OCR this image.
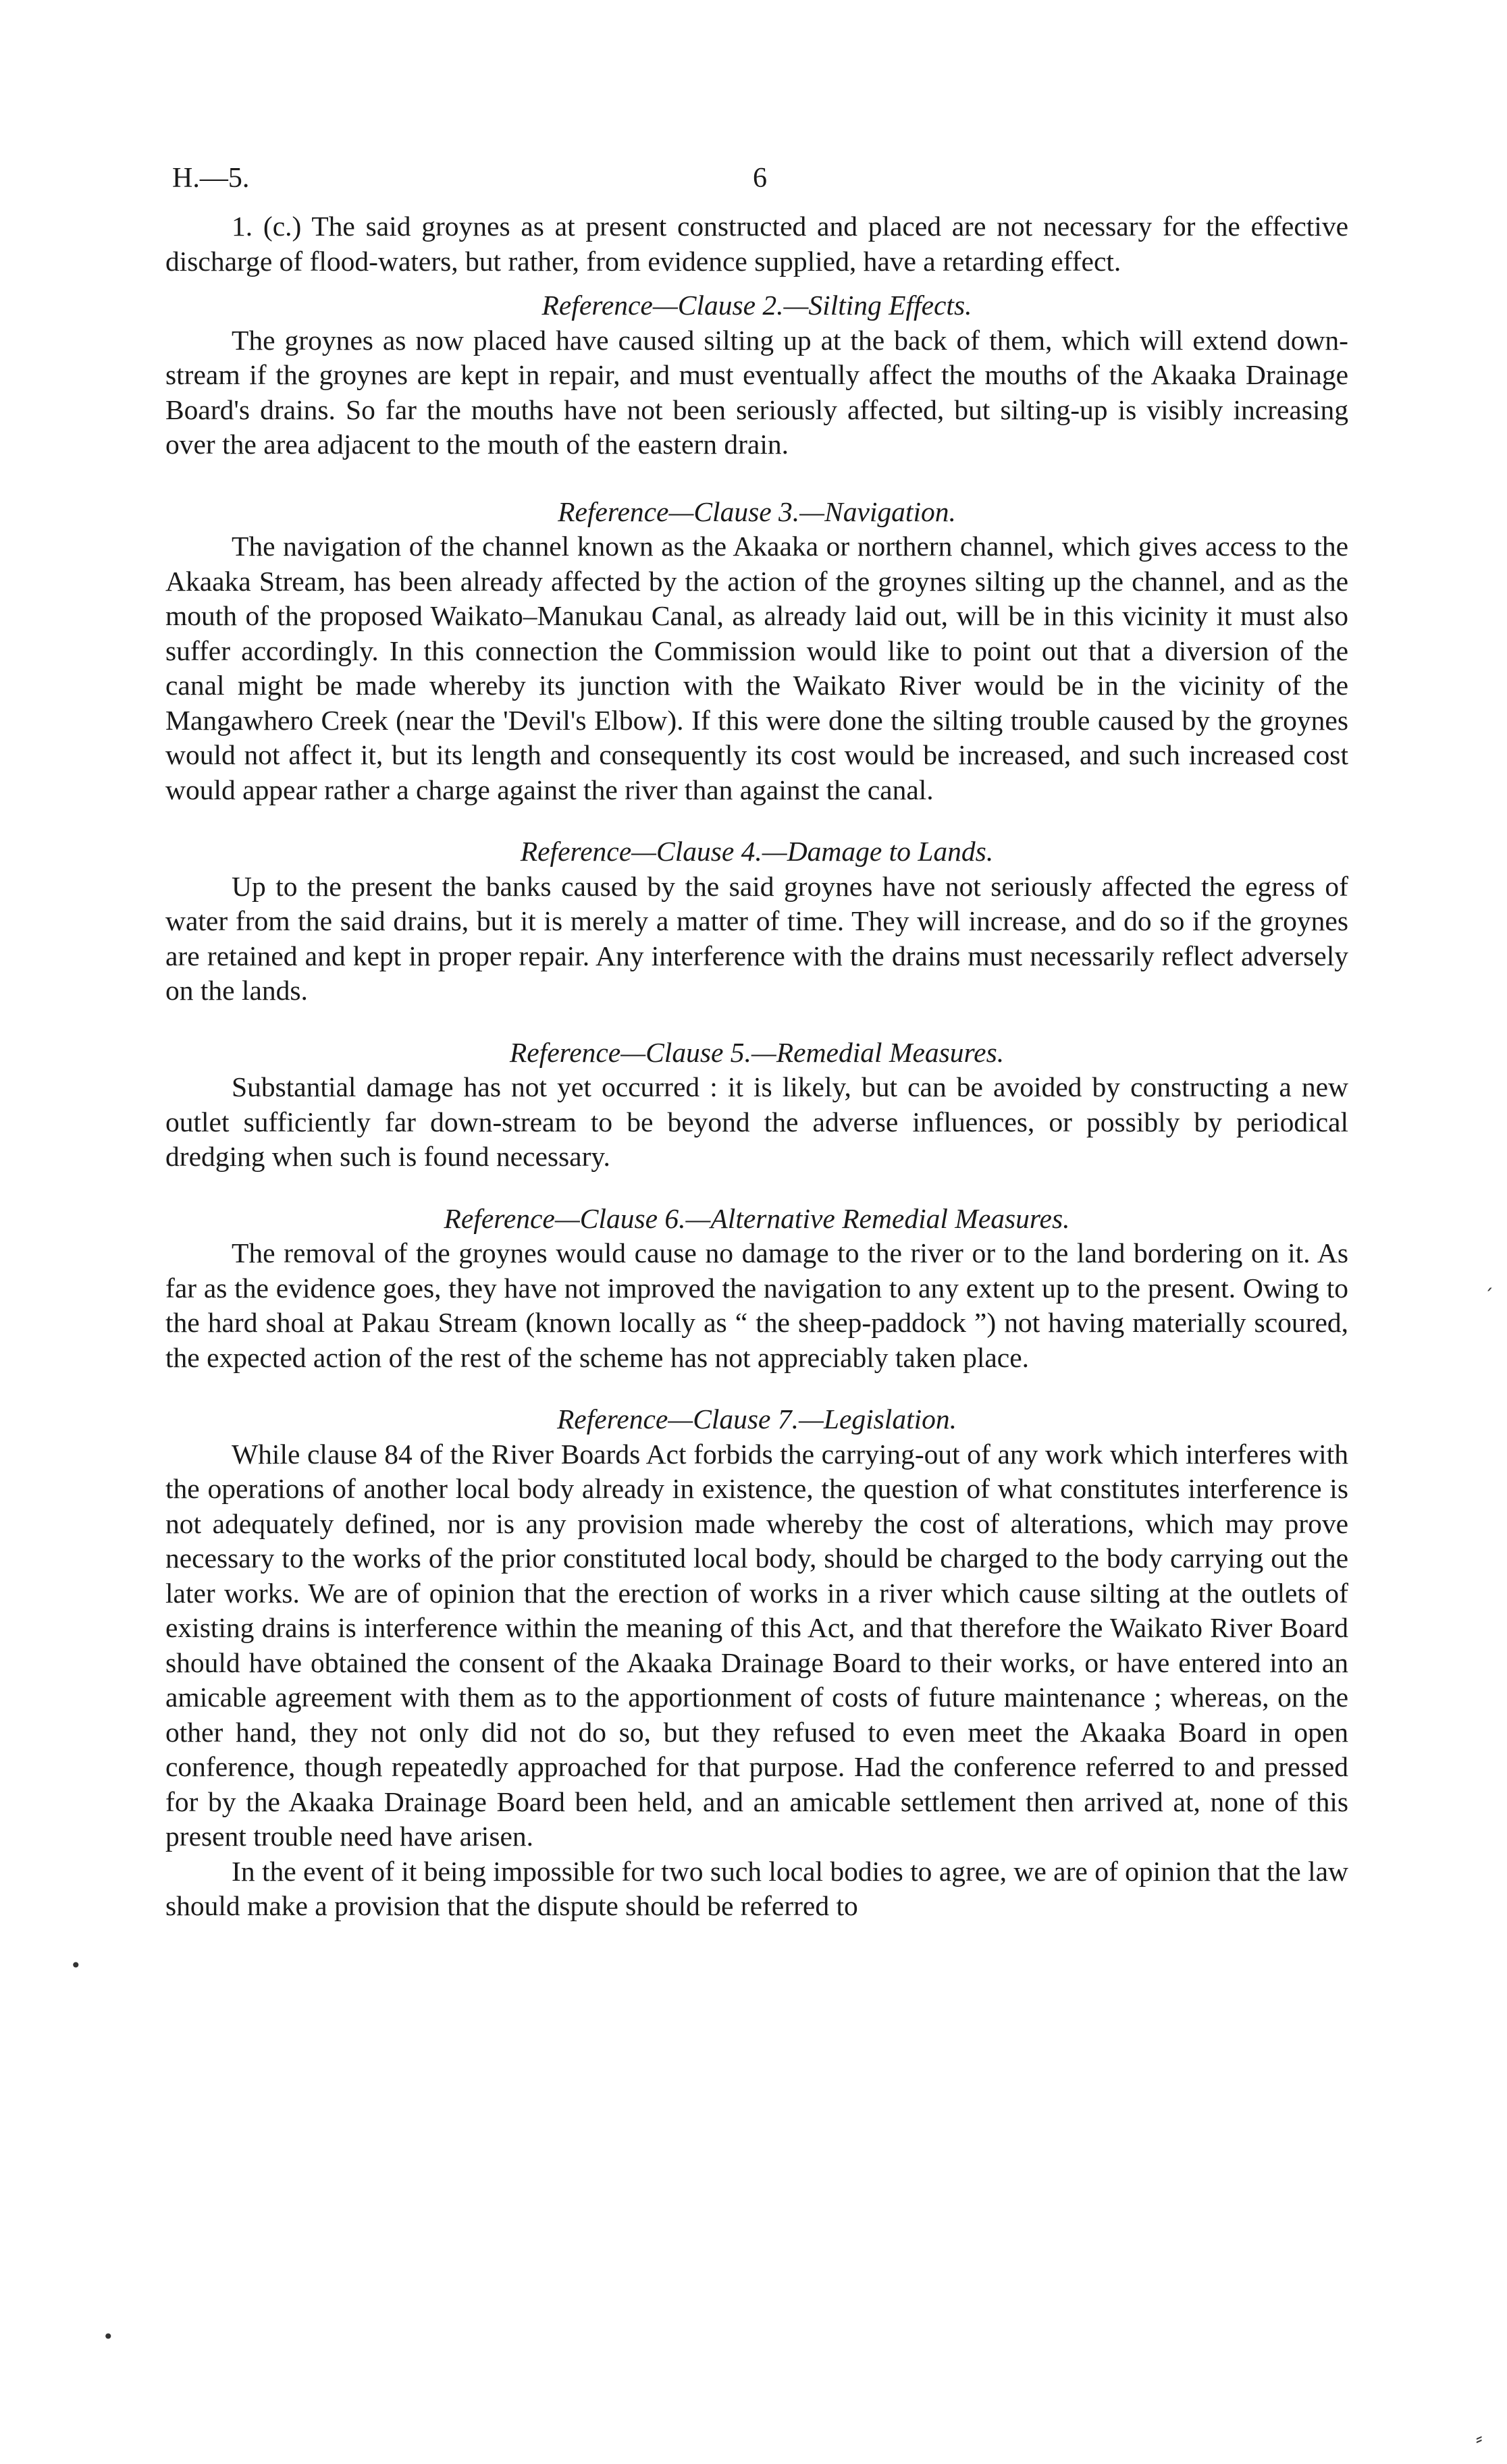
H.—5.	6

1. (c.) The said groynes as at present constructed and placed are not necessary for the effective discharge of flood-waters, but rather, from evidence supplied, have a retarding effect.

Reference—Clause 2.—Silting Effects.

The groynes as now placed have caused silting up at the back of them, which will extend down-stream if the groynes are kept in repair, and must eventually affect the mouths of the Akaaka Drainage Board's drains. So far the mouths have not been seriously affected, but silting-up is visibly increasing over the area adjacent to the mouth of the eastern drain.

Reference—Clause 3.—Navigation.

The navigation of the channel known as the Akaaka or northern channel, which gives access to the Akaaka Stream, has been already affected by the action of the groynes silting up the channel, and as the mouth of the proposed Waikato–Manukau Canal, as already laid out, will be in this vicinity it must also suffer accordingly. In this connection the Commission would like to point out that a diversion of the canal might be made whereby its junction with the Waikato River would be in the vicinity of the Mangawhero Creek (near the 'Devil's Elbow). If this were done the silting trouble caused by the groynes would not affect it, but its length and consequently its cost would be increased, and such increased cost would appear rather a charge against the river than against the canal.

Reference—Clause 4.—Damage to Lands.

Up to the present the banks caused by the said groynes have not seriously affected the egress of water from the said drains, but it is merely a matter of time. They will increase, and do so if the groynes are retained and kept in proper repair. Any interference with the drains must necessarily reflect adversely on the lands.

Reference—Clause 5.—Remedial Measures.

Substantial damage has not yet occurred : it is likely, but can be avoided by constructing a new outlet sufficiently far down-stream to be beyond the adverse influences, or possibly by periodical dredging when such is found necessary.

Reference—Clause 6.—Alternative Remedial Measures.

The removal of the groynes would cause no damage to the river or to the land bordering on it. As far as the evidence goes, they have not improved the navigation to any extent up to the present. Owing to the hard shoal at Pakau Stream (known locally as “ the sheep-paddock ”) not having materially scoured, the expected action of the rest of the scheme has not appreciably taken place.

Reference—Clause 7.—Legislation.

While clause 84 of the River Boards Act forbids the carrying-out of any work which interferes with the operations of another local body already in existence, the question of what constitutes interference is not adequately defined, nor is any provision made whereby the cost of alterations, which may prove necessary to the works of the prior constituted local body, should be charged to the body carrying out the later works. We are of opinion that the erection of works in a river which cause silting at the outlets of existing drains is interference within the meaning of this Act, and that therefore the Waikato River Board should have obtained the consent of the Akaaka Drainage Board to their works, or have entered into an amicable agreement with them as to the apportionment of costs of future maintenance ; whereas, on the other hand, they not only did not do so, but they refused to even meet the Akaaka Board in open conference, though repeatedly approached for that purpose. Had the conference referred to and pressed for by the Akaaka Drainage Board been held, and an amicable settlement then arrived at, none of this present trouble need have arisen.

In the event of it being impossible for two such local bodies to agree, we are of opinion that the law should make a provision that the dispute should be referred to

ˏ
•
•
⸗
